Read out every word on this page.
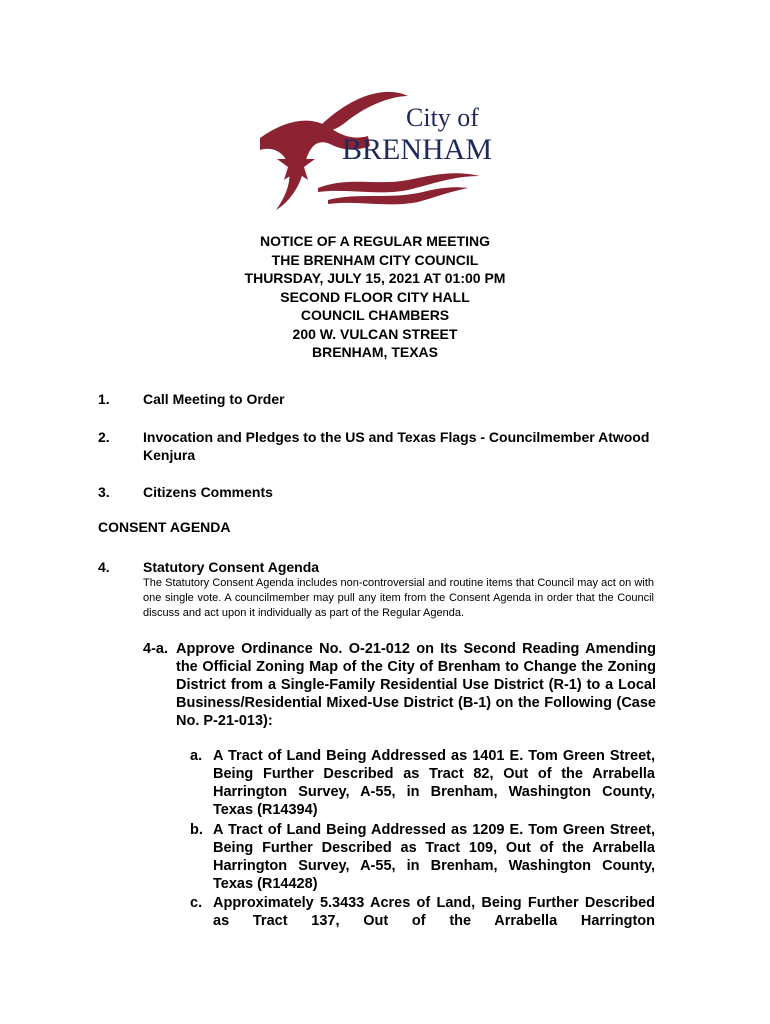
City of
BRENHAM
NOTICE OF A REGULAR MEETING
THE BRENHAM CITY COUNCIL
THURSDAY, JULY 15, 2021 AT 01:00 PM
SECOND FLOOR CITY HALL
COUNCIL CHAMBERS
200 W. VULCAN STREET
BRENHAM, TEXAS
1. Call Meeting to Order
2. Invocation and Pledges to the US and Texas Flags - Councilmember Atwood Kenjura
3. Citizens Comments
CONSENT AGENDA
4. Statutory Consent Agenda
The Statutory Consent Agenda includes non-controversial and routine items that Council may act on with one single vote. A councilmember may pull any item from the Consent Agenda in order that the Council discuss and act upon it individually as part of the Regular Agenda.
4-a. Approve Ordinance No. O-21-012 on Its Second Reading Amending the Official Zoning Map of the City of Brenham to Change the Zoning District from a Single-Family Residential Use District (R-1) to a Local Business/Residential Mixed-Use District (B-1) on the Following (Case No. P-21-013):
a. A Tract of Land Being Addressed as 1401 E. Tom Green Street, Being Further Described as Tract 82, Out of the Arrabella Harrington Survey, A-55, in Brenham, Washington County, Texas (R14394)
b. A Tract of Land Being Addressed as 1209 E. Tom Green Street, Being Further Described as Tract 109, Out of the Arrabella Harrington Survey, A-55, in Brenham, Washington County, Texas (R14428)
c. Approximately 5.3433 Acres of Land, Being Further Described as Tract 137, Out of the Arrabella Harrington
